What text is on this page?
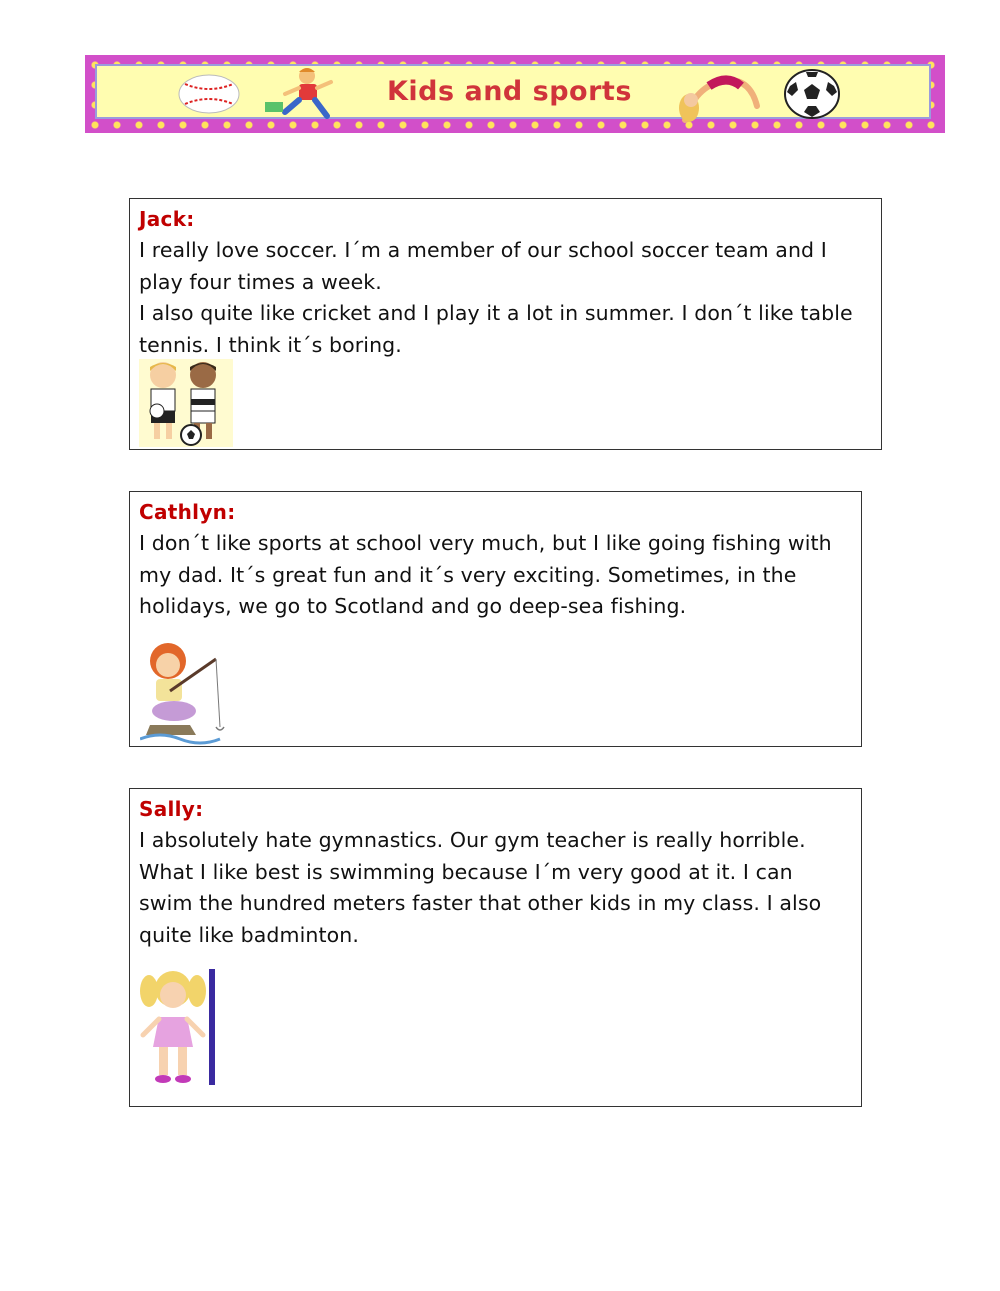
Kids and sports
Jack:
I really love soccer. I´m a member of our school soccer team and I play four times a week.
I also quite like cricket and I play it a lot in summer. I don´t like table tennis. I think it´s boring.
Cathlyn:
I don´t like sports at school very much, but I like going fishing with my dad. It´s great fun and it´s very exciting. Sometimes, in the holidays, we go to Scotland and go deep-sea fishing.
Sally:
I absolutely hate gymnastics. Our gym teacher is really horrible. What I like best is swimming because I´m very good at it. I can swim the hundred meters faster that other kids in my class. I also quite like badminton.
